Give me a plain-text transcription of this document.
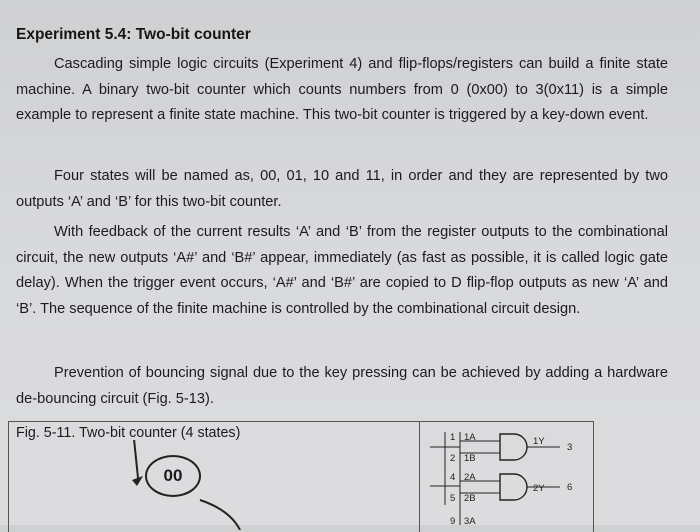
Experiment 5.4: Two-bit counter
Cascading simple logic circuits (Experiment 4) and flip-flops/registers can build a finite state machine. A binary two-bit counter which counts numbers from 0 (0x00) to 3(0x11) is a simple example to represent a finite state machine. This two-bit counter is triggered by a key-down event.
Four states will be named as, 00, 01, 10 and 11, in order and they are represented by two outputs ‘A’ and ‘B’ for this two-bit counter.
With feedback of the current results ‘A’ and ‘B’ from the register outputs to the combinational circuit, the new outputs ‘A#’ and ‘B#’ appear, immediately (as fast as possible, it is called logic gate delay). When the trigger event occurs, ‘A#’ and ‘B#’ are copied to D flip-flop outputs as new ‘A’ and ‘B’. The sequence of the finite machine is controlled by the combinational circuit design.
Prevention of bouncing signal due to the key pressing can be achieved by adding a hardware de-bouncing circuit (Fig. 5-13).
Fig. 5-11. Two-bit counter (4 states)
00
1 1A
2 1B
1Y
3
4 2A
5 2B
2Y 6
9 3A
